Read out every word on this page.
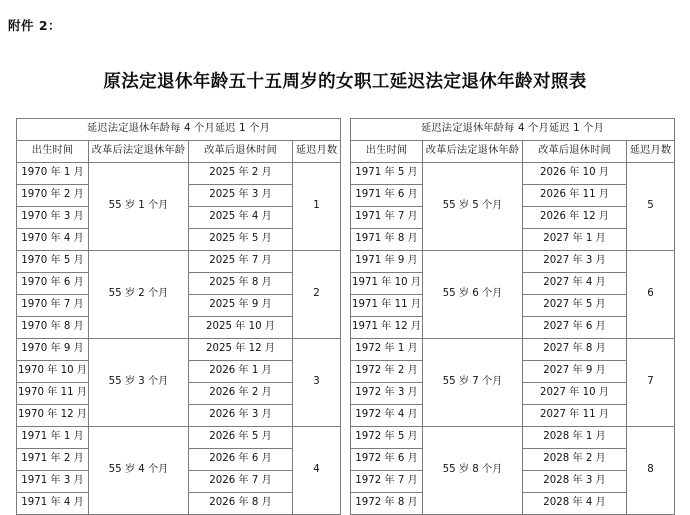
附件 2：
原法定退休年龄五十五周岁的女职工延迟法定退休年龄对照表
延迟法定退休年龄每 4 个月延迟 1 个月					延迟法定退休年龄每 4 个月延迟 1 个月			
出生时间	改革后法定退休年龄	改革后退休时间	延迟月数		出生时间	改革后法定退休年龄	改革后退休时间	延迟月数
1970 年 1 月	55 岁 1 个月	2025 年 2 月	1		1971 年 5 月	55 岁 5 个月	2026 年 10 月	5
1970 年 2 月		2025 年 3 月			1971 年 6 月		2026 年 11 月	
1970 年 3 月		2025 年 4 月			1971 年 7 月		2026 年 12 月	
1970 年 4 月		2025 年 5 月			1971 年 8 月		2027 年 1 月	
1970 年 5 月	55 岁 2 个月	2025 年 7 月	2		1971 年 9 月	55 岁 6 个月	2027 年 3 月	6
1970 年 6 月		2025 年 8 月			1971 年 10 月		2027 年 4 月	
1970 年 7 月		2025 年 9 月			1971 年 11 月		2027 年 5 月	
1970 年 8 月		2025 年 10 月			1971 年 12 月		2027 年 6 月	
1970 年 9 月	55 岁 3 个月	2025 年 12 月	3		1972 年 1 月	55 岁 7 个月	2027 年 8 月	7
1970 年 10 月		2026 年 1 月			1972 年 2 月		2027 年 9 月	
1970 年 11 月		2026 年 2 月			1972 年 3 月		2027 年 10 月	
1970 年 12 月		2026 年 3 月			1972 年 4 月		2027 年 11 月	
1971 年 1 月	55 岁 4 个月	2026 年 5 月	4		1972 年 5 月	55 岁 8 个月	2028 年 1 月	8
1971 年 2 月		2026 年 6 月			1972 年 6 月		2028 年 2 月	
1971 年 3 月		2026 年 7 月			1972 年 7 月		2028 年 3 月	
1971 年 4 月		2026 年 8 月			1972 年 8 月		2028 年 4 月	
